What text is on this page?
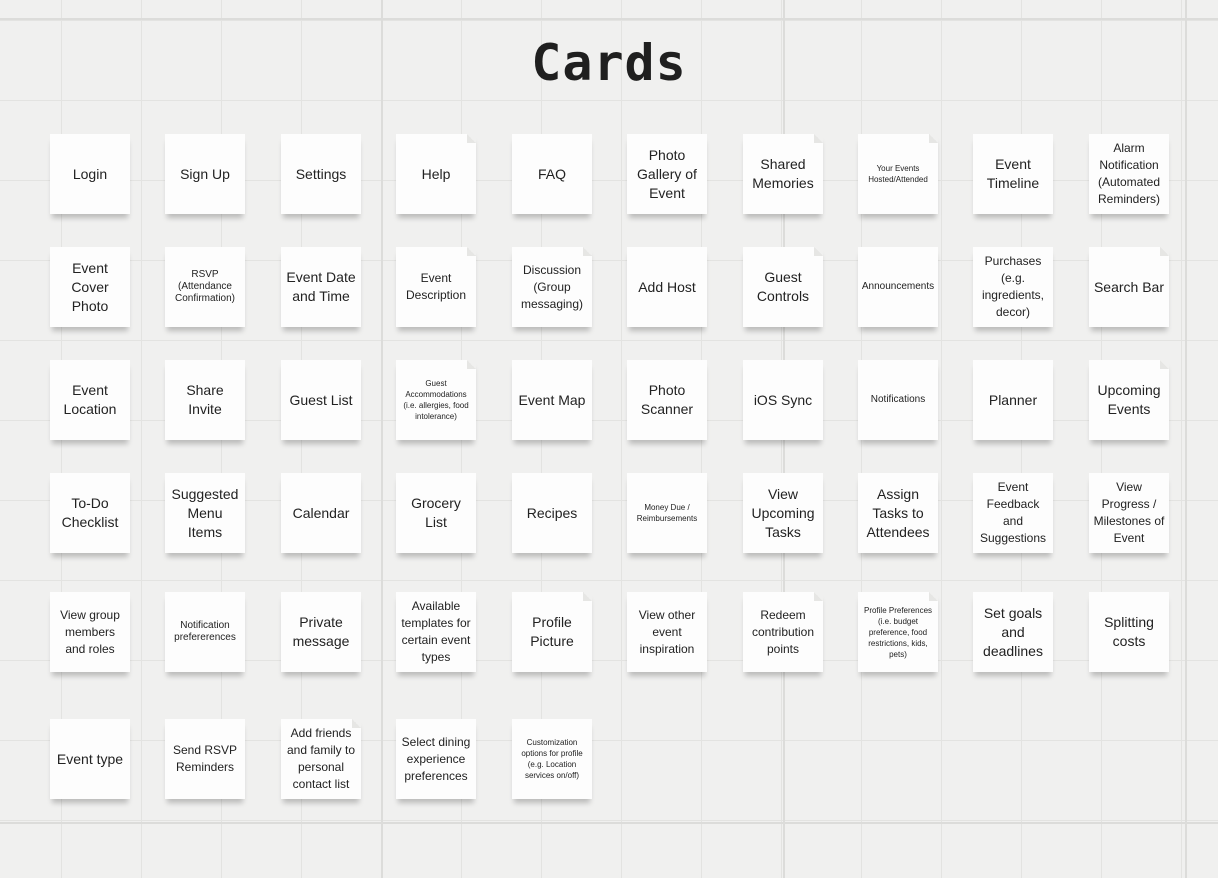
Cards
Login	Sign Up	Settings	Help	FAQ
Photo Gallery of Event
Shared Memories
Your Events Hosted/Attended
Event Timeline
Alarm Notification (Automated Reminders)
Event Cover Photo
RSVP (Attendance Confirmation)
Event Date and Time
Event Description
Discussion (Group messaging)
Add Host
Guest Controls
Announcements
Purchases (e.g. ingredients, decor)
Search Bar
Event Location
Share Invite
Guest List
Guest Accommodations (i.e. allergies, food intolerance)
Event Map
Photo Scanner
iOS Sync	Notifications	Planner
Upcoming Events
To-Do Checklist
Suggested Menu Items
Calendar
Grocery List
Recipes	Money Due / Reimbursements
View Upcoming Tasks
Assign Tasks to Attendees
Event Feedback and Suggestions
View Progress / Milestones of Event
View group members and roles
Notification prefererences
Private message
Available templates for certain event types
Profile Picture
View other event inspiration
Redeem contribution points
Profile Preferences (i.e. budget preference, food restrictions, kids, pets)
Set goals and deadlines
Splitting costs
Event type
Send RSVP Reminders
Add friends and family to personal contact list
Select dining experience preferences
Customization options for profile (e.g. Location services on/off)
